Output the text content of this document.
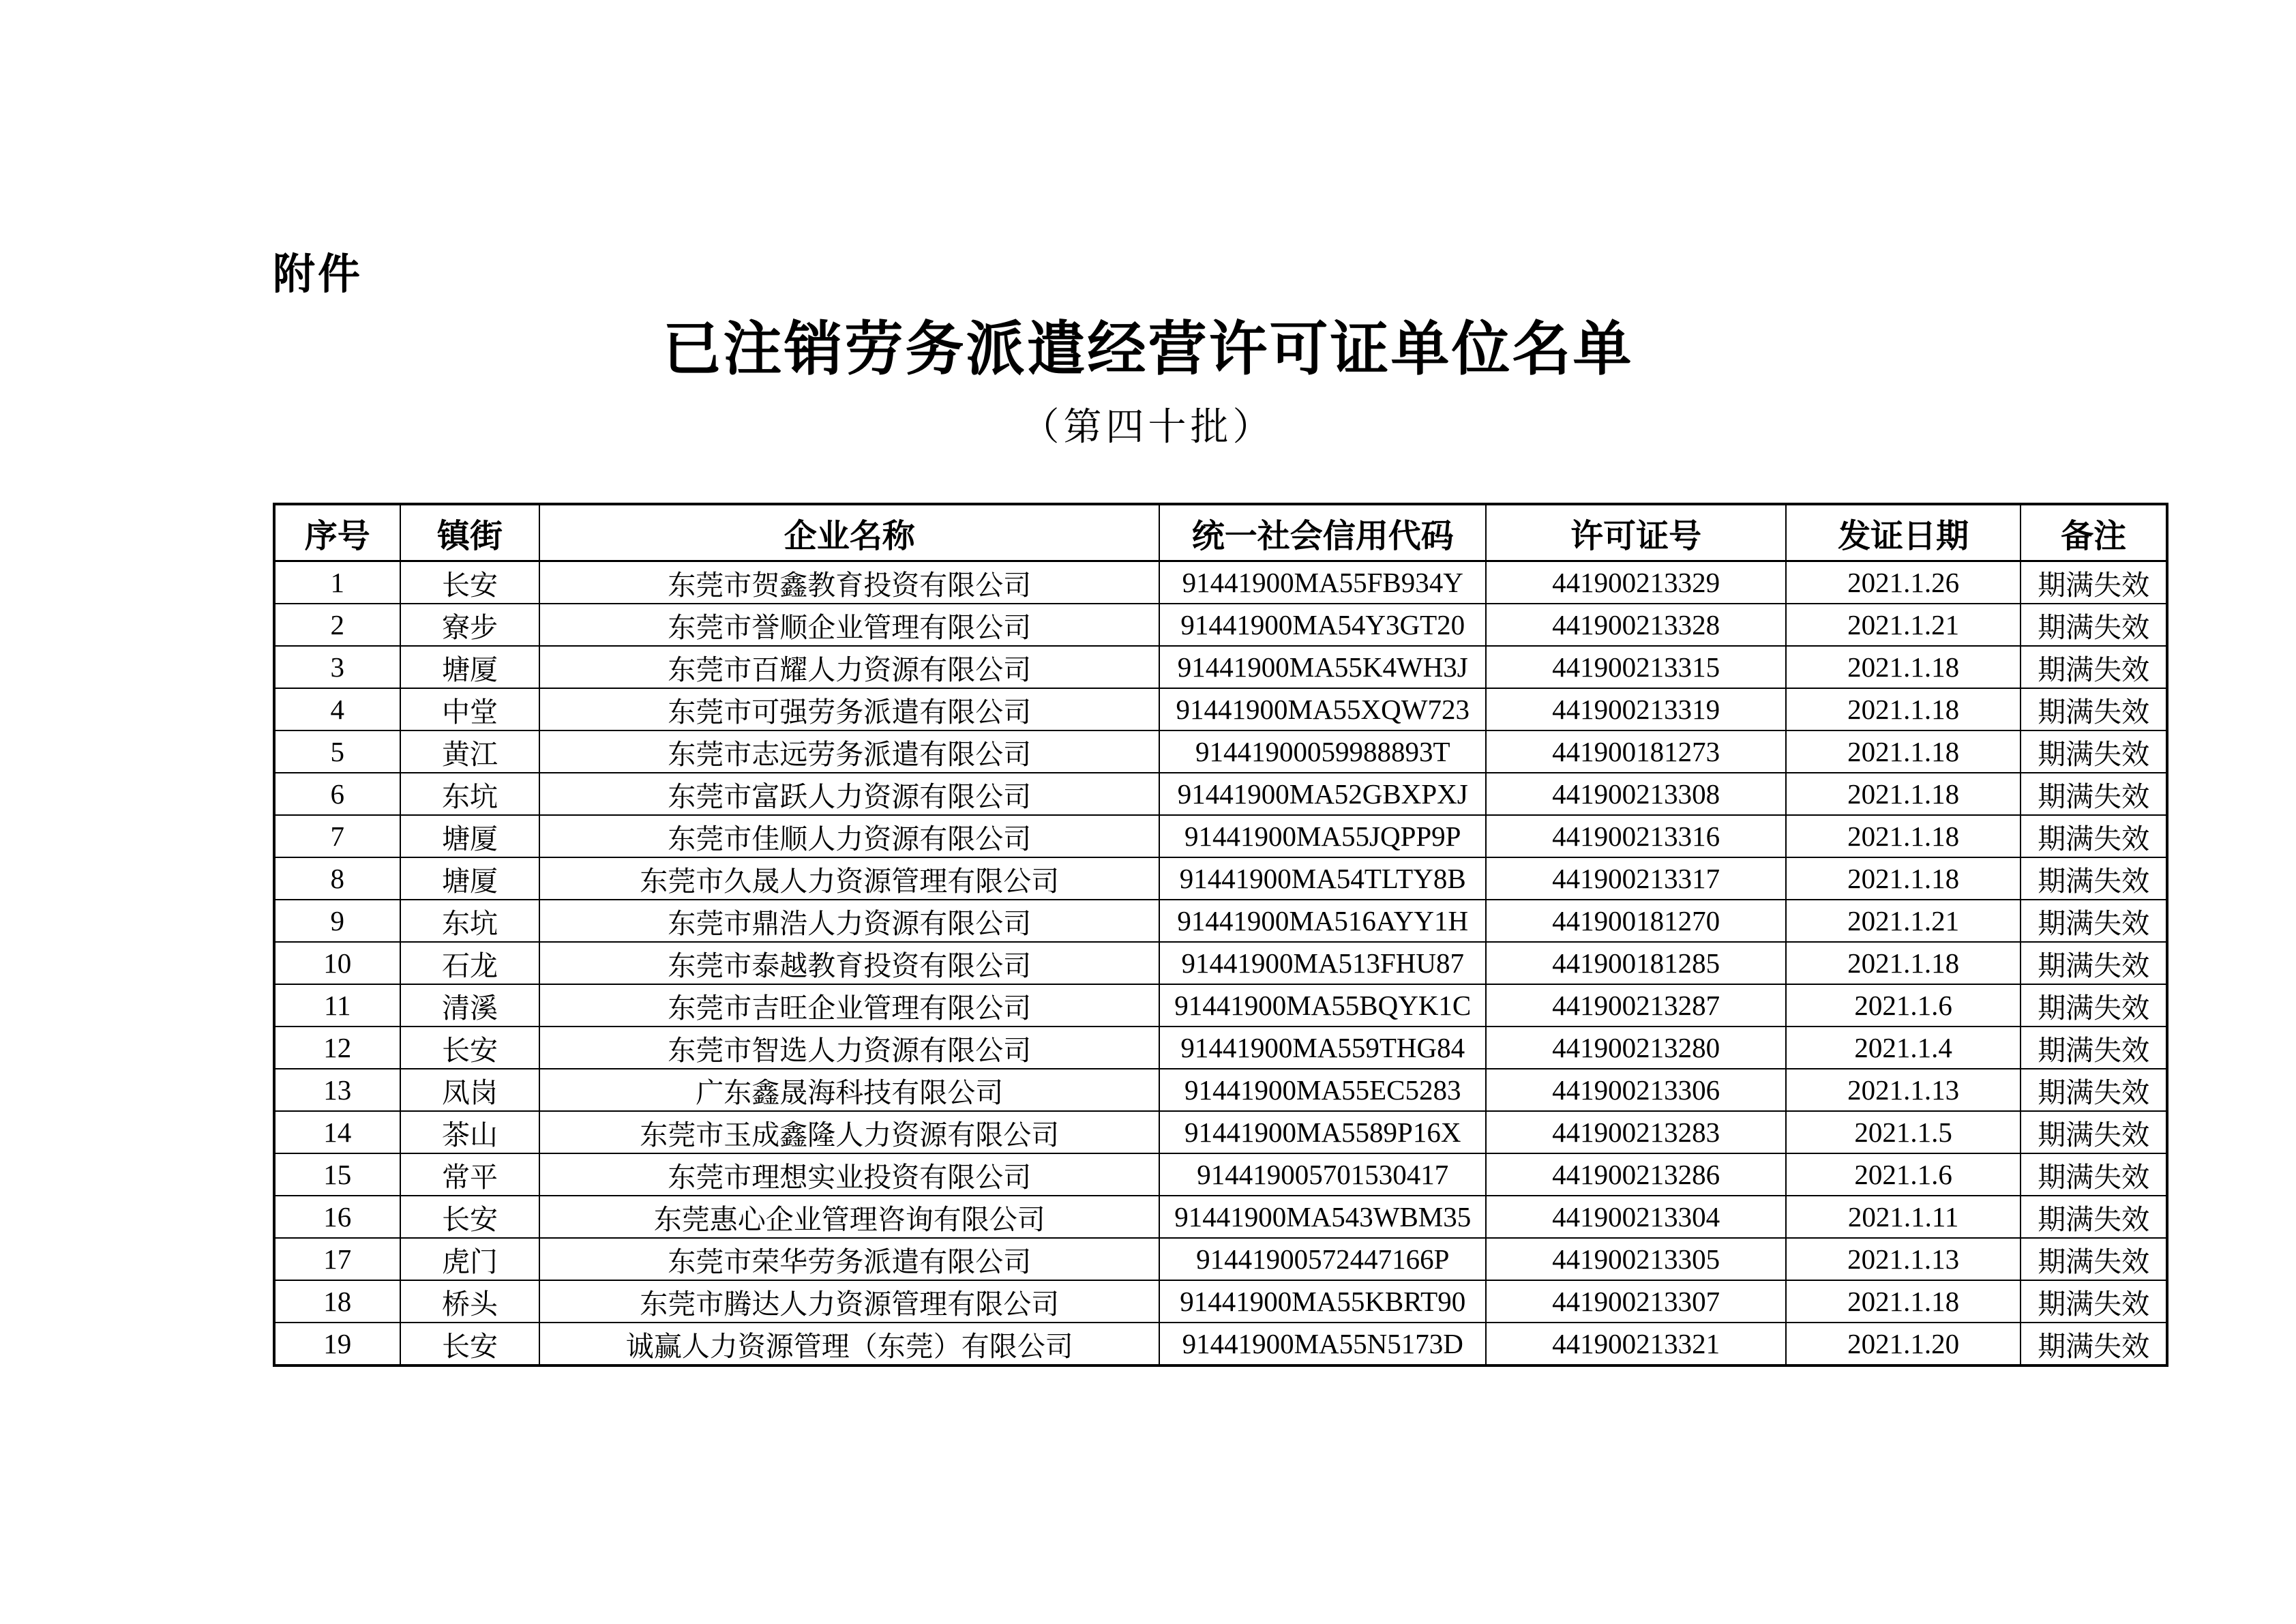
附件
已注销劳务派遣经营许可证单位名单
（第四十批）
序号	镇街	企业名称	统一社会信用代码	许可证号	发证日期	备注
1	长安	东莞市贺鑫教育投资有限公司	91441900MA55FB934Y	441900213329	2021.1.26	期满失效
2	寮步	东莞市誉顺企业管理有限公司	91441900MA54Y3GT20	441900213328	2021.1.21	期满失效
3	塘厦	东莞市百耀人力资源有限公司	91441900MA55K4WH3J	441900213315	2021.1.18	期满失效
4	中堂	东莞市可强劳务派遣有限公司	91441900MA55XQW723	441900213319	2021.1.18	期满失效
5	黄江	东莞市志远劳务派遣有限公司	91441900059988893T	441900181273	2021.1.18	期满失效
6	东坑	东莞市富跃人力资源有限公司	91441900MA52GBXPXJ	441900213308	2021.1.18	期满失效
7	塘厦	东莞市佳顺人力资源有限公司	91441900MA55JQPP9P	441900213316	2021.1.18	期满失效
8	塘厦	东莞市久晟人力资源管理有限公司	91441900MA54TLTY8B	441900213317	2021.1.18	期满失效
9	东坑	东莞市鼎浩人力资源有限公司	91441900MA516AYY1H	441900181270	2021.1.21	期满失效
10	石龙	东莞市泰越教育投资有限公司	91441900MA513FHU87	441900181285	2021.1.18	期满失效
11	清溪	东莞市吉旺企业管理有限公司	91441900MA55BQYK1C	441900213287	2021.1.6	期满失效
12	长安	东莞市智选人力资源有限公司	91441900MA559THG84	441900213280	2021.1.4	期满失效
13	凤岗	广东鑫晟海科技有限公司	91441900MA55EC5283	441900213306	2021.1.13	期满失效
14	茶山	东莞市玉成鑫隆人力资源有限公司	91441900MA5589P16X	441900213283	2021.1.5	期满失效
15	常平	东莞市理想实业投资有限公司	914419005701530417	441900213286	2021.1.6	期满失效
16	长安	东莞惠心企业管理咨询有限公司	91441900MA543WBM35	441900213304	2021.1.11	期满失效
17	虎门	东莞市荣华劳务派遣有限公司	91441900572447166P	441900213305	2021.1.13	期满失效
18	桥头	东莞市腾达人力资源管理有限公司	91441900MA55KBRT90	441900213307	2021.1.18	期满失效
19	长安	诚赢人力资源管理（东莞）有限公司	91441900MA55N5173D	441900213321	2021.1.20	期满失效
